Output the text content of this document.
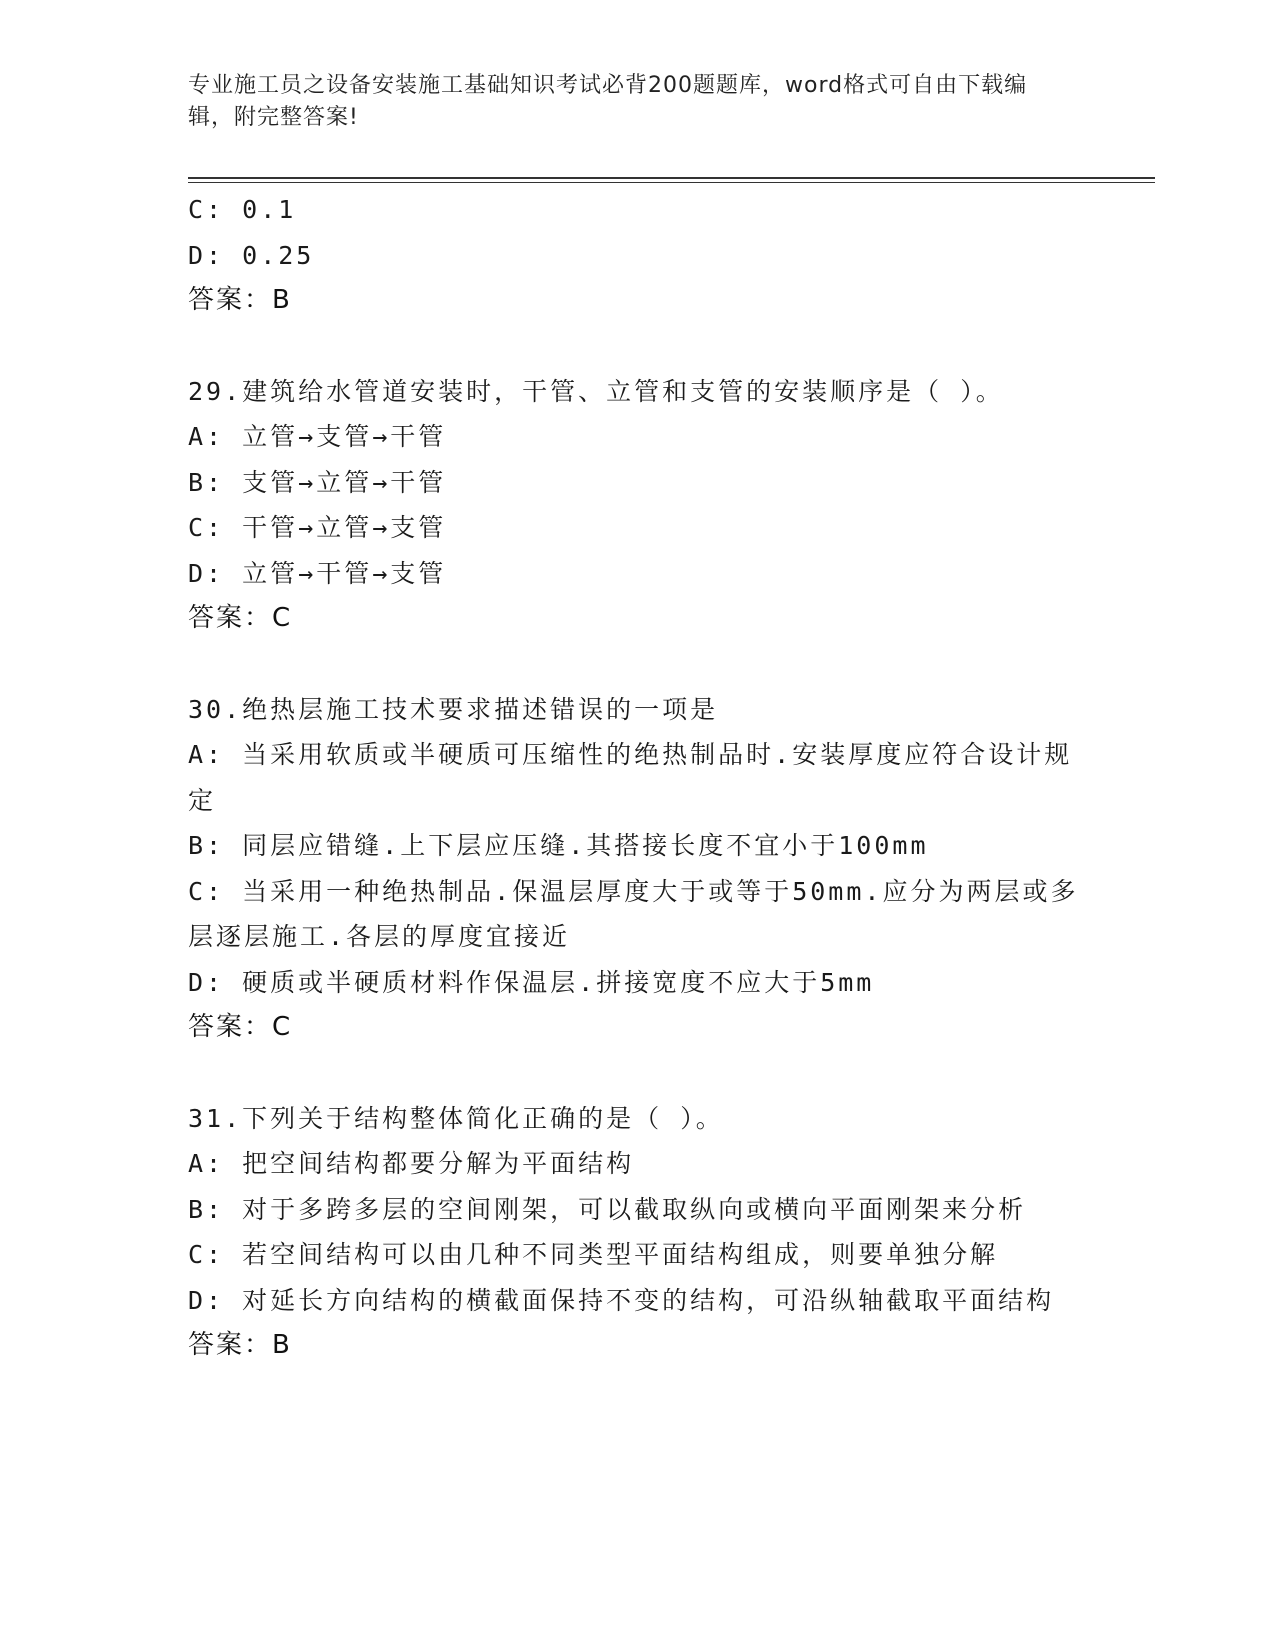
专业施工员之设备安装施工基础知识考试必背200题题库，word格式可自由下载编辑，附完整答案!
C: 0.1
D: 0.25
答案：B
29.建筑给水管道安装时，干管、立管和支管的安装顺序是（ ）。
A: 立管→支管→干管
B: 支管→立管→干管
C: 干管→立管→支管
D: 立管→干管→支管
答案：C
30.绝热层施工技术要求描述错误的一项是
A: 当采用软质或半硬质可压缩性的绝热制品时.安装厚度应符合设计规定
B: 同层应错缝.上下层应压缝.其搭接长度不宜小于100mm
C: 当采用一种绝热制品.保温层厚度大于或等于50mm.应分为两层或多层逐层施工.各层的厚度宜接近
D: 硬质或半硬质材料作保温层.拼接宽度不应大于5mm
答案：C
31.下列关于结构整体简化正确的是（ ）。
A: 把空间结构都要分解为平面结构
B: 对于多跨多层的空间刚架，可以截取纵向或横向平面刚架来分析
C: 若空间结构可以由几种不同类型平面结构组成，则要单独分解
D: 对延长方向结构的横截面保持不变的结构，可沿纵轴截取平面结构
答案：B
